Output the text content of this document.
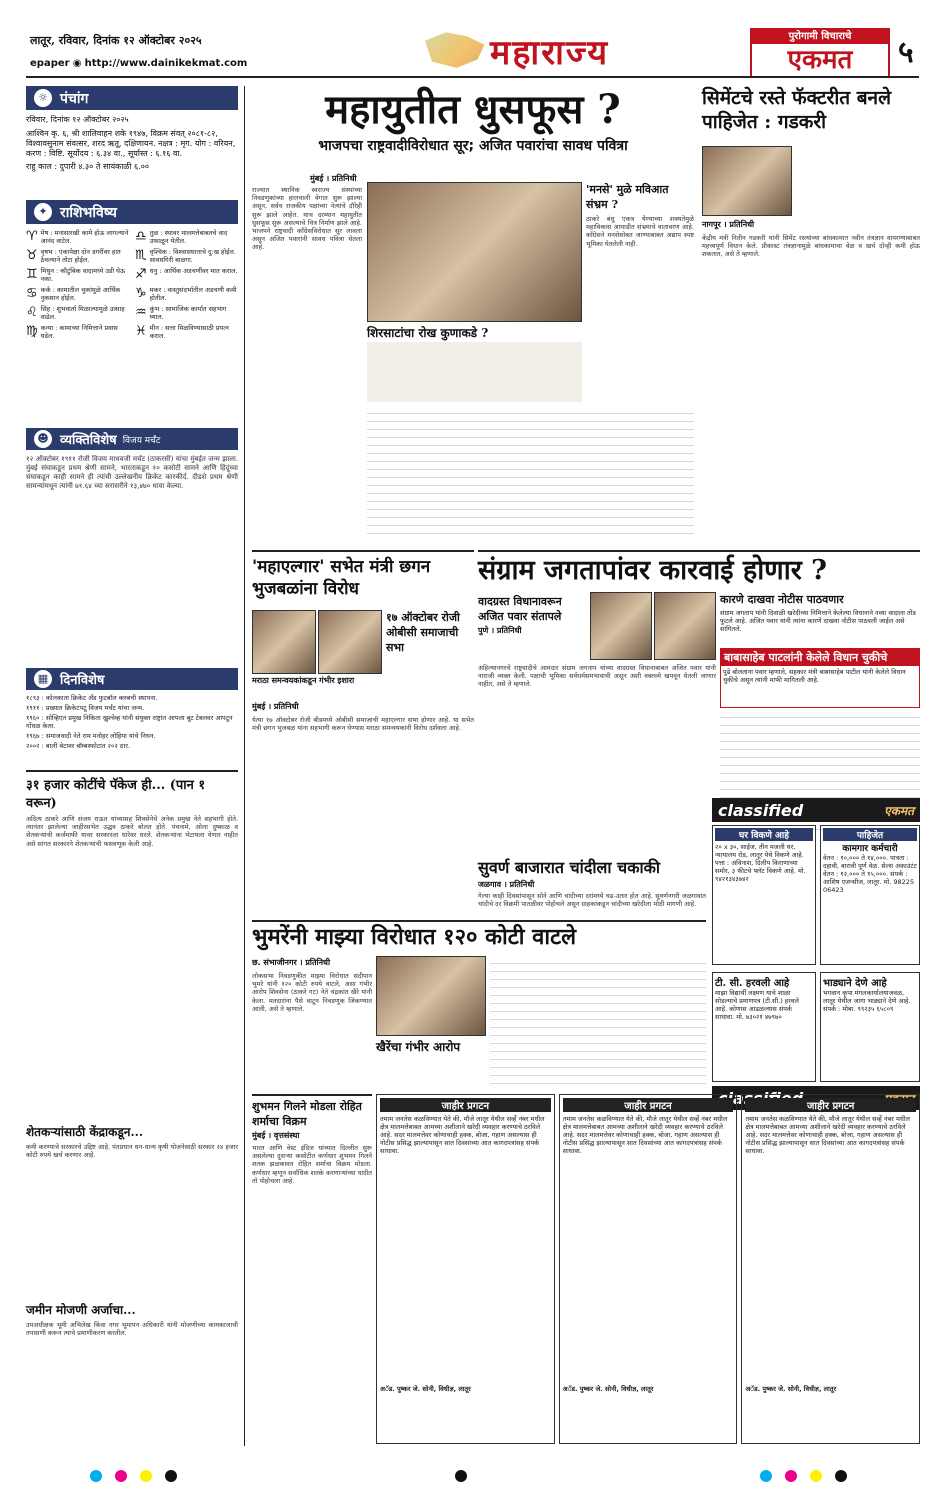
लातूर, रविवार, दिनांक १२ ऑक्टोबर २०२५
epaper ◉ http://www.dainikekmat.com	महाराज्य	पुरोगामी विचाराचे
एकमत	५
☼ पंचांग
रविवार, दिनांक १२ ऑक्टोबर २०२५
आश्विन कृ. ६, श्री शालिवाहन शके १९४७, विक्रम संवत् २०८१-८२, विश्वावसुनाम संवत्सर, शरद ऋतू, दक्षिणायन. नक्षत्र : मृग. योग : वरियन, करण : विष्टि. सूर्योदय : ६.३४ वा., सूर्यास्त : ६.१६ वा.
राहु काल : दुपारी ४.३० ते सायंकाळी ६.००
✦ राशिभविष्य
♈ मेष : मनासारखी कामे होऊ लागल्याने आनंद वाटेल.	♎ तुळ : स्थावर मालमत्तेबाबतचे वाद उफाळून येतील.
♉ वृषभ : एकापेक्षा दोन डगरींवर हात ठेवल्याने तोटा होईल.	♏ वृश्चिक : विश्वासघाताचे दु:ख होईल. सावधगिरी बाळगा.
♊ मिथुन : कौटुंबिक वादामध्ये उडी घेऊ नका.	♐ धनु : आर्थिक अडचणींवर मात कराल.
♋ कर्क : कामातील चुकांमुळे आर्थिक नुकसान होईल.	♑ मकर : वास्तुसंदर्भातील अडचणी कमी होतील.
♌ सिंह : शुभवार्ता मिळाल्यामुळे उत्साह वाढेल.	♒ कुंभ : सामाजिक कार्यात सहभाग घ्याल.
♍ कन्या : कामाच्या निमित्ताने प्रवास घडेल.	♓ मीन : सत्ता मिळविण्यासाठी प्रयत्न कराल.
☻ व्यक्तिविशेष विजय मर्चंट
१२ ऑक्टोबर १९११ रोजी विजय माधवजी मर्चंट (ठाकरसी) यांचा मुंबईत जन्म झाला. मुंबई संघाकडून प्रथम श्रेणी सामने, भारताकडून १० कसोटी सामने आणि हिंदूंच्या संघाकडून काही सामने ही त्यांची उल्लेखनीय क्रिकेट कारकीर्द. दीडशे प्रथम श्रेणी सामन्यांमधून त्यांनी ७१.६४ च्या सरासरीने १३,४७० धावा केल्या.
▦ दिनविशेष
१८९३ : कोलकाता क्रिकेट अँड फुटबॉल क्लबची स्थापना.
१९११ : प्रख्यात क्रिकेटपटू विजय मर्चंट यांचा जन्म.
१९६० : सोव्हिएत प्रमुख निकिता ख्रुश्चेव्ह यांनी संयुक्त राष्ट्रांत आपला बूट टेबलवर आपटून गोंधळ केला.
१९६७ : समाजवादी नेते राम मनोहर लोहिया यांचे निधन.
२००२ : बाली बेटावर बॉम्बस्फोटात २०२ ठार.
३१ हजार कोटींचे पॅकेज ही... (पान १ वरून)
अदित्य ठाकरे आणि संजय राऊत यांच्यासह शिवसेनेचे अनेक प्रमुख नेते सहभागी होते. त्यानंतर झालेल्या जाहीरसभेत उद्धव ठाकरे बोलत होते. पंचनामे, ओला दुष्काळ व शेतकऱ्यांची कर्जमाफी यावर सरकारला धारेवर धरले. शेतकऱ्यांना भेटायला येणार नाहीत असे सांगत सरकारने शेतकऱ्यांची फसवणूक केली आहे.
शेतकऱ्यांसाठी केंद्राकडून...
कमी करण्याचे सरकारचे उद्दिष्ट आहे. पंतप्रधान धन-धान्य कृषी योजनेसाठी सरकार २४ हजार कोटी रुपये खर्च करणार आहे.
जमीन मोजणी अर्जाचा...
उपअधीक्षक भूमी अभिलेख किंवा नगर भूमापन अधिकारी यांनी मोजणीच्या कामकाजाची तपासणी करून त्याचे प्रमाणीकरण करतील.
महायुतीत धुसफूस ?
भाजपचा राष्ट्रवादीविरोधात सूर; अजित पवारांचा सावध पवित्रा
मुंबई । प्रतिनिधी
राज्यात स्थानिक स्वराज्य संस्थांच्या निवडणुकांच्या हालचाली वेगात सुरू झाल्या असून, सर्वच राजकीय पक्षांच्या नेत्यांचे दौरेही सुरू झाले आहेत. याच दरम्यान महायुतीत धुसफूस सुरू असल्याचे चित्र निर्माण झाले आहे. भाजपने राष्ट्रवादी काँग्रेसविरोधात सूर लावला असून अजित पवारांनी सावध पवित्रा घेतला आहे.
शिरसाटांचा रोख कुणाकडे ?
'मनसे' मुळे मविआत संभ्रम ?
ठाकरे बंधू एकत्र येण्याच्या शक्यतेमुळे महाविकास आघाडीत संभ्रमाचे वातावरण आहे. काँग्रेसने मनसेसोबत जाण्याबाबत अद्याप स्पष्ट भूमिका घेतलेली नाही.
सिमेंटचे रस्ते फॅक्टरीत बनले पाहिजेत : गडकरी
नागपूर । प्रतिनिधी
केंद्रीय मंत्री नितीन गडकरी यांनी सिमेंट रस्त्यांच्या बांधकामात नवीन तंत्रज्ञान वापरण्याबाबत महत्त्वपूर्ण विधान केले. प्रीकास्ट तंत्रज्ञानामुळे बांधकामाचा वेळ व खर्च दोन्ही कमी होऊ शकतात, असे ते म्हणाले.
'महाएल्गार' सभेत मंत्री छगन भुजबळांना विरोध
१७ ऑक्टोबर रोजी ओबीसी समाजाची सभा
मराठा समन्वयकांकडून गंभीर इशारा
मुंबई । प्रतिनिधी
येत्या १७ ऑक्टोबर रोजी बीडमध्ये ओबीसी समाजाची महाएल्गार सभा होणार आहे. या सभेत मंत्री छगन भुजबळ यांना सहभागी करून घेण्यास मराठा समन्वयकांनी विरोध दर्शवला आहे.
संग्राम जगतापांवर कारवाई होणार ?
वादग्रस्त विधानावरून अजित पवार संतापले
पुणे । प्रतिनिधी
कारणे दाखवा नोटीस पाठवणार
संग्राम जगताप यांनी दिवाळी खरेदीच्या निमित्ताने केलेल्या विधानाने नव्या वादाला तोंड फुटले आहे. अजित पवार यांनी त्यांना कारणे दाखवा नोटीस पाठवली जाईल असे सांगितले.
बाबासाहेब पाटलांनी केलेले विधान चुकीचे
पुढे बोलताना पवार म्हणाले, सहकार मंत्री बाबासाहेब पाटील यांनी केलेले विधान चुकीचे असून त्यांनी माफी मागितली आहे.
अहिल्यानगरचे राष्ट्रवादीचे आमदार संग्राम जगताप यांच्या वादग्रस्त विधानाबाबत अजित पवार यांनी नाराजी व्यक्त केली. पक्षाची भूमिका सर्वधर्मसमभावाची असून अशी वक्तव्ये खपवून घेतली जाणार नाहीत, असे ते म्हणाले.
सुवर्ण बाजारात चांदीला चकाकी
जळगाव । प्रतिनिधी
गेल्या काही दिवसांपासून सोने आणि चांदीच्या दरांमध्ये चढ-उतार होत आहे. सुवर्णनगरी जळगावात चांदीचे दर विक्रमी पातळीवर पोहोचले असून ग्राहकांकडून चांदीच्या खरेदीला मोठी मागणी आहे.
classified	एकमत
घर विकणे आहे
२० x ३०, साईज, तीन मजली घर, न्यायालय रोड, लातूर येथे विकणे आहे. पत्ता : अविनाश, दिलीप किराणाच्या समोर, ३ फीटचे फ्लॅट विकणे आहे. मो. ९४२१३४३७४२
पाहिजेत
कामगार कर्मचारी
वेतन : १०,००० ते १४,०००. पात्रता : दहावी, बारावी पूर्ण वेळ. सेल्स अकाउंटंट वेतन : १२,००० ते १५,०००. संपर्क : आशिष एजन्सीज, लातूर. मो. 98225 06423
टी. सी. हरवली आहे
माझा विद्यार्थी लक्ष्मण याचे शाळा सोडल्याचे प्रमाणपत्र (टी.सी.) हरवले आहे. कोणास आढळल्यास संपर्क साधावा. मो. ७३०२१ ४७९७०
भाड्याने देणे आहे
भगवान कृपा मंगलकार्यालयाजवळ, लातूर येथील जागा भाड्याने देणे आहे. संपर्क : मोबा. ९९२३५ ६५८०९
भुमरेंनी माझ्या विरोधात १२० कोटी वाटले
छ. संभाजीनगर । प्रतिनिधी
लोकसभा निवडणुकीत माझ्या विरोधात संदीपान भुमरे यांनी १२० कोटी रुपये वाटले, असा गंभीर आरोप शिवसेना (ठाकरे गट) नेते चंद्रकांत खैरे यांनी केला. मतदारांना पैसे वाटून निवडणूक जिंकण्यात आली, असे ते म्हणाले.
खैरेंचा गंभीर आरोप
शुभमन गिलने मोडला रोहित शर्माचा विक्रम
मुंबई । वृत्तसंस्था
भारत आणि वेस्ट इंडिज यांच्यात दिल्लीत सुरू असलेल्या दुसऱ्या कसोटीत कर्णधार शुभमन गिलने शतक झळकावत रोहित शर्माचा विक्रम मोडला. कर्णधार म्हणून सर्वाधिक शतके करणाऱ्यांच्या यादीत तो पोहोचला आहे.
जाहीर प्रगटन
तमाम जनतेस कळविण्यात येते की, मौजे लातूर येथील सर्व्हे नंबर मधील क्षेत्र मालमत्तेबाबत आमच्या अशीलाने खरेदी व्यवहार करण्याचे ठरविले आहे. सदर मालमत्तेवर कोणाचाही हक्क, बोजा, गहाण असल्यास ही नोटीस प्रसिद्ध झाल्यापासून सात दिवसांच्या आत कागदपत्रांसह संपर्क साधावा.
अॅड. पुष्कर जे. सोनी, विधीज्ञ, लातूर
जाहीर प्रगटन
तमाम जनतेस कळविण्यात येते की, मौजे लातूर येथील सर्व्हे नंबर मधील क्षेत्र मालमत्तेबाबत आमच्या अशीलाने खरेदी व्यवहार करण्याचे ठरविले आहे. सदर मालमत्तेवर कोणाचाही हक्क, बोजा, गहाण असल्यास ही नोटीस प्रसिद्ध झाल्यापासून सात दिवसांच्या आत कागदपत्रांसह संपर्क साधावा.
अॅड. पुष्कर जे. सोनी, विधीज्ञ, लातूर
जाहीर प्रगटन
तमाम जनतेस कळविण्यात येते की, मौजे लातूर येथील सर्व्हे नंबर मधील क्षेत्र मालमत्तेबाबत आमच्या अशीलाने खरेदी व्यवहार करण्याचे ठरविले आहे. सदर मालमत्तेवर कोणाचाही हक्क, बोजा, गहाण असल्यास ही नोटीस प्रसिद्ध झाल्यापासून सात दिवसांच्या आत कागदपत्रांसह संपर्क साधावा.
अॅड. पुष्कर जे. सोनी, विधीज्ञ, लातूर
